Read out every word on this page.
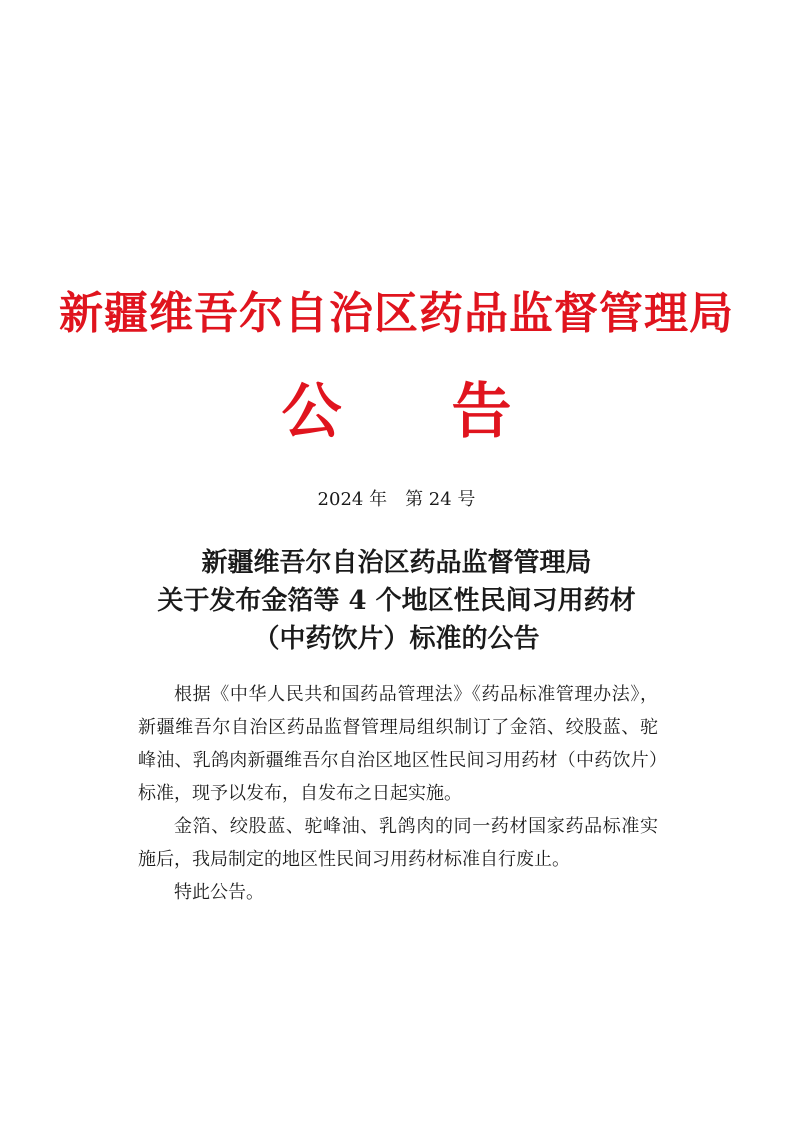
新疆维吾尔自治区药品监督管理局
公告
2024 年　第 24 号
新疆维吾尔自治区药品监督管理局
关于发布金箔等 4 个地区性民间习用药材
（中药饮片）标准的公告

根据《中华人民共和国药品管理法》《药品标准管理办法》，新疆维吾尔自治区药品监督管理局组织制订了金箔、绞股蓝、驼峰油、乳鸽肉新疆维吾尔自治区地区性民间习用药材（中药饮片）标准，现予以发布，自发布之日起实施。

金箔、绞股蓝、驼峰油、乳鸽肉的同一药材国家药品标准实施后，我局制定的地区性民间习用药材标准自行废止。

特此公告。
